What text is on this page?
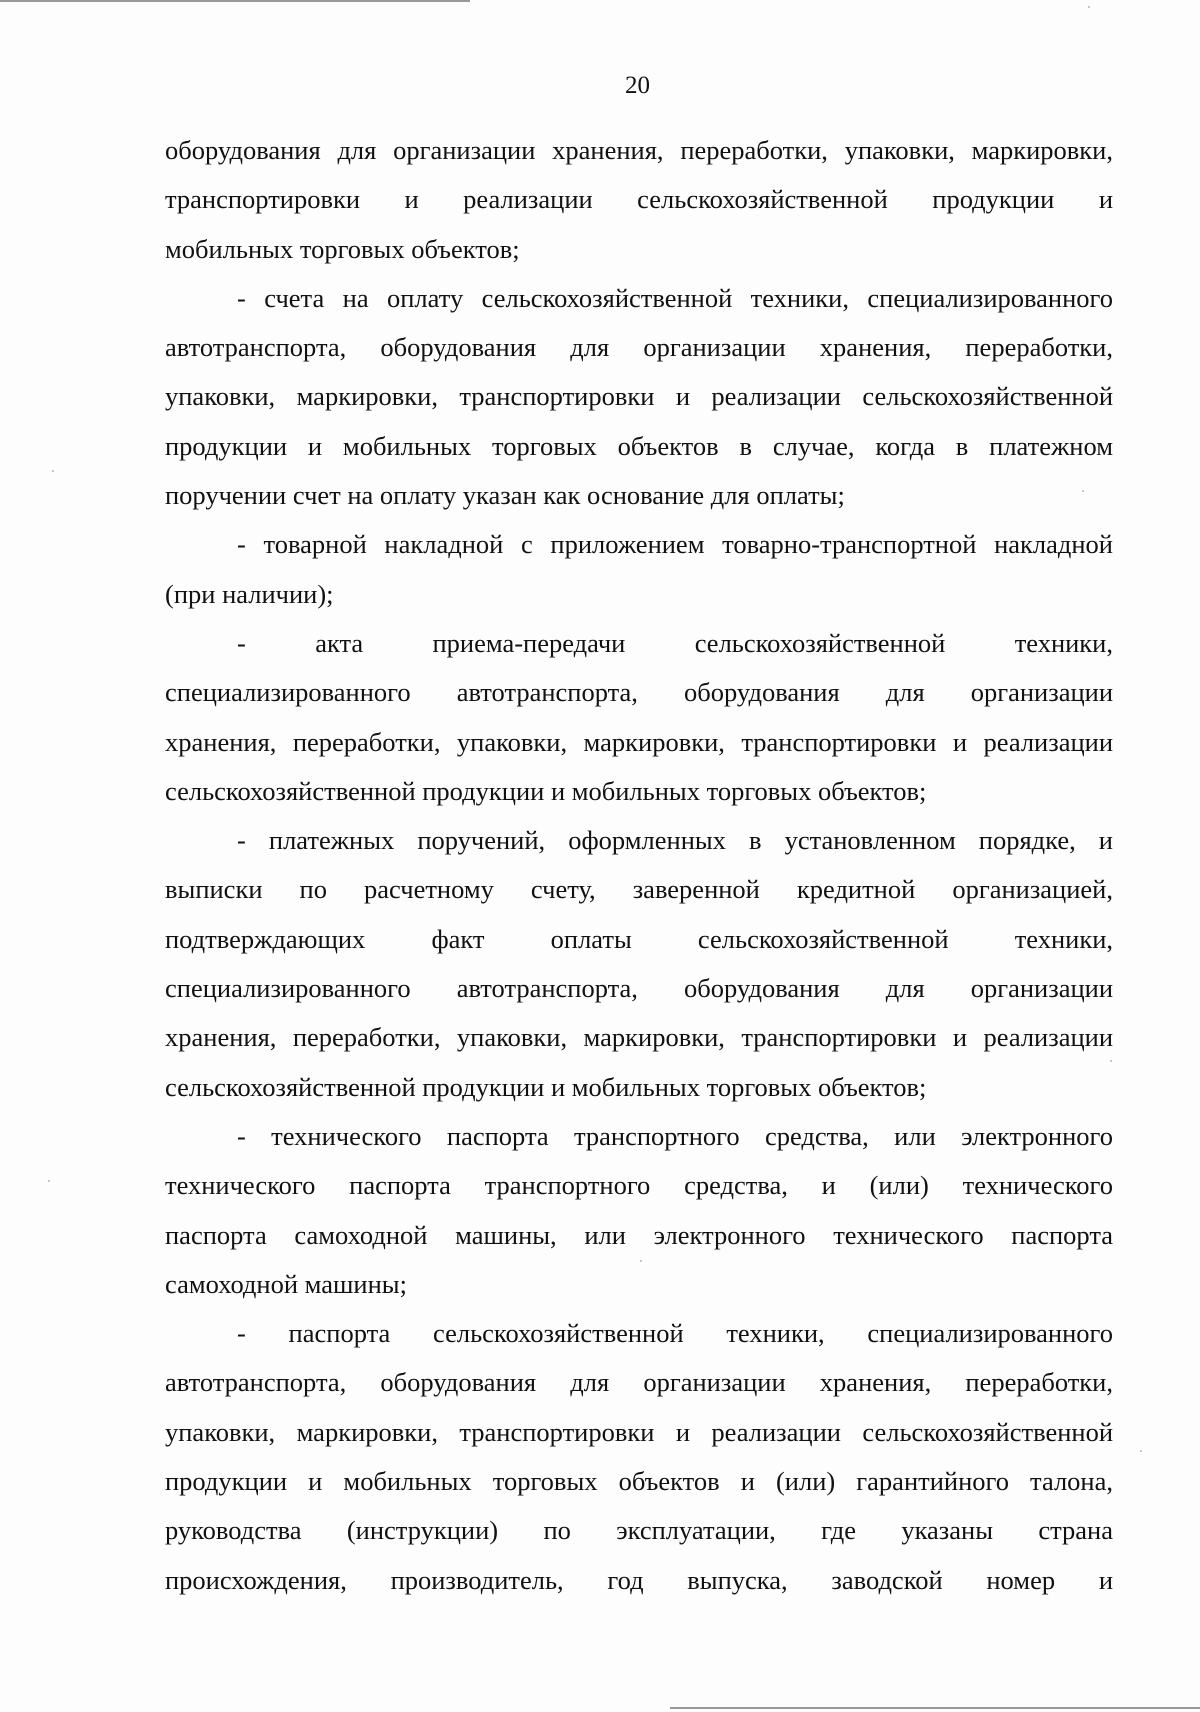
20
оборудования для организации хранения, переработки, упаковки, маркировки,
транспортировки и реализации сельскохозяйственной продукции и
мобильных торговых объектов;
- счета на оплату сельскохозяйственной техники, специализированного
автотранспорта, оборудования для организации хранения, переработки,
упаковки, маркировки, транспортировки и реализации сельскохозяйственной
продукции и мобильных торговых объектов в случае, когда в платежном
поручении счет на оплату указан как основание для оплаты;
- товарной накладной с приложением товарно-транспортной накладной
(при наличии);
- акта приема-передачи сельскохозяйственной техники,
специализированного автотранспорта, оборудования для организации
хранения, переработки, упаковки, маркировки, транспортировки и реализации
сельскохозяйственной продукции и мобильных торговых объектов;
- платежных поручений, оформленных в установленном порядке, и
выписки по расчетному счету, заверенной кредитной организацией,
подтверждающих факт оплаты сельскохозяйственной техники,
специализированного автотранспорта, оборудования для организации
хранения, переработки, упаковки, маркировки, транспортировки и реализации
сельскохозяйственной продукции и мобильных торговых объектов;
- технического паспорта транспортного средства, или электронного
технического паспорта транспортного средства, и (или) технического
паспорта самоходной машины, или электронного технического паспорта
самоходной машины;
- паспорта сельскохозяйственной техники, специализированного
автотранспорта, оборудования для организации хранения, переработки,
упаковки, маркировки, транспортировки и реализации сельскохозяйственной
продукции и мобильных торговых объектов и (или) гарантийного талона,
руководства (инструкции) по эксплуатации, где указаны страна
происхождения, производитель, год выпуска, заводской номер и
